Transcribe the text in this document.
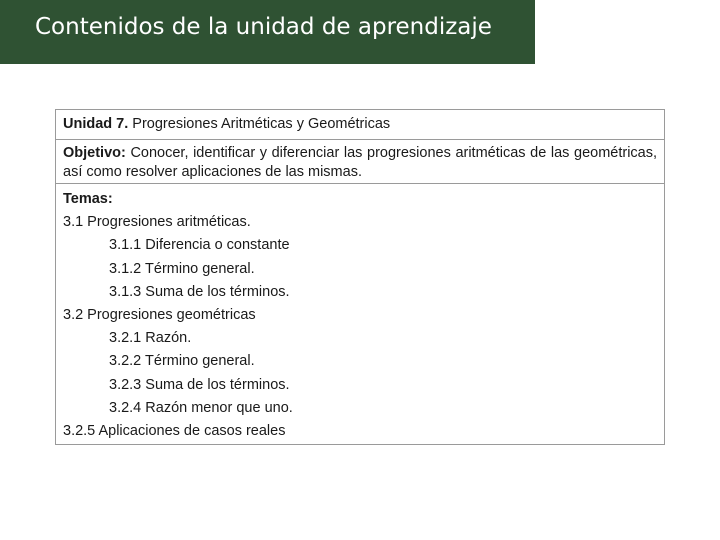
Contenidos de la unidad de aprendizaje
Unidad 7. Progresiones Aritméticas y Geométricas
Objetivo: Conocer, identificar y diferenciar las progresiones aritméticas de las geométricas, así como resolver aplicaciones de las mismas.
Temas:
3.1 Progresiones aritméticas.
3.1.1 Diferencia o constante
3.1.2 Término general.
3.1.3 Suma de los términos.
3.2 Progresiones geométricas
3.2.1 Razón.
3.2.2 Término general.
3.2.3 Suma de los términos.
3.2.4 Razón menor que uno.
3.2.5 Aplicaciones de casos reales
